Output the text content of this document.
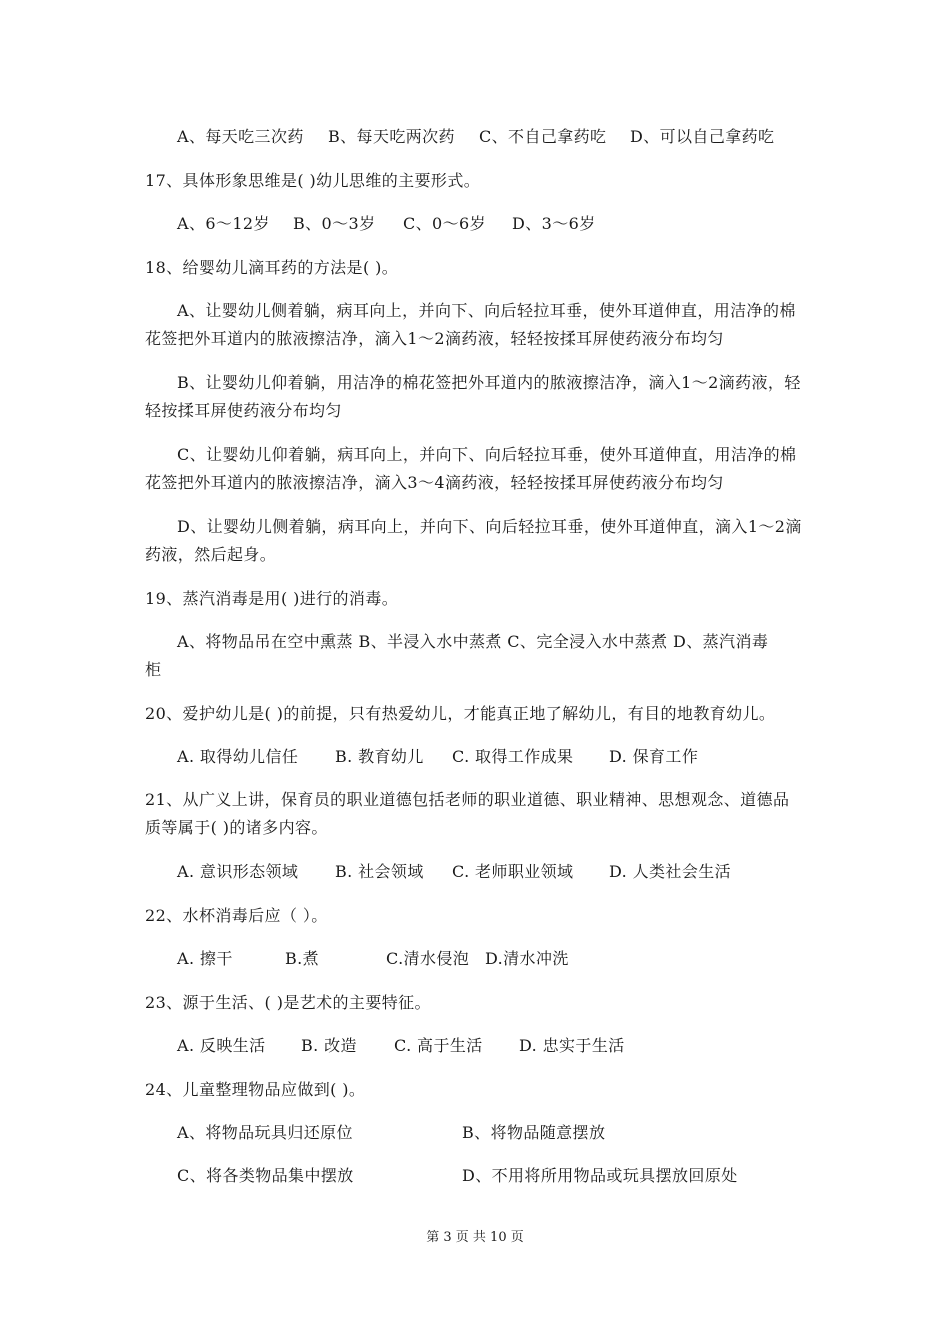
A、每天吃三次药 B、每天吃两次药 C、不自己拿药吃 D、可以自己拿药吃
17、具体形象思维是( )幼儿思维的主要形式。
A、6～12岁 B、0～3岁 C、0～6岁 D、3～6岁
18、给婴幼儿滴耳药的方法是( )。
A、让婴幼儿侧着躺，病耳向上，并向下、向后轻拉耳垂，使外耳道伸直，用洁净的棉
花签把外耳道内的脓液擦洁净，滴入1～2滴药液，轻轻按揉耳屏使药液分布均匀
B、让婴幼儿仰着躺，用洁净的棉花签把外耳道内的脓液擦洁净，滴入1～2滴药液，轻
轻按揉耳屏使药液分布均匀
C、让婴幼儿仰着躺，病耳向上，并向下、向后轻拉耳垂，使外耳道伸直，用洁净的棉
花签把外耳道内的脓液擦洁净，滴入3～4滴药液，轻轻按揉耳屏使药液分布均匀
D、让婴幼儿侧着躺，病耳向上，并向下、向后轻拉耳垂，使外耳道伸直，滴入1～2滴
药液，然后起身。
19、蒸汽消毒是用( )进行的消毒。
A、将物品吊在空中熏蒸 B、半浸入水中蒸煮 C、完全浸入水中蒸煮 D、蒸汽消毒
柜
20、爱护幼儿是( )的前提，只有热爱幼儿，才能真正地了解幼儿，有目的地教育幼儿。
A. 取得幼儿信任 B. 教育幼儿 C. 取得工作成果 D. 保育工作
21、从广义上讲，保育员的职业道德包括老师的职业道德、职业精神、思想观念、道德品
质等属于( )的诸多内容。
A. 意识形态领域 B. 社会领域 C. 老师职业领域 D. 人类社会生活
22、水杯消毒后应（ ）。
A. 擦干	B.煮	C.清水侵泡 D.清水冲洗
23、源于生活、( )是艺术的主要特征。
A. 反映生活 B. 改造 C. 高于生活 D. 忠实于生活
24、儿童整理物品应做到( )。
A、将物品玩具归还原位	B、将物品随意摆放
C、将各类物品集中摆放	D、不用将所用物品或玩具摆放回原处
第 3 页 共 10 页
